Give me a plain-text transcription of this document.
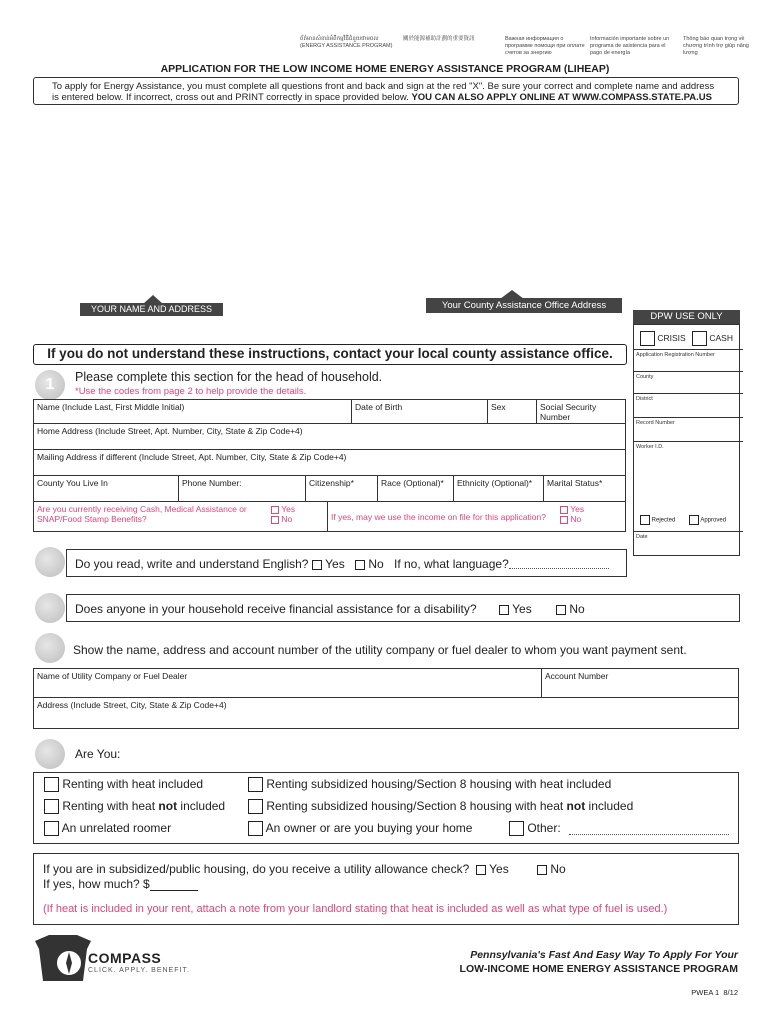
ព័ត៌មានសំខាន់អំពីកម្មវិធីជំនួយថាមពល
(ENERGY ASSISTANCE PROGRAM)
關於能源補助計劃的重要資訊	Важная информация о программе помощи при оплате счетов за энергию
Información importante sobre un programa de asistencia para el pago de energía
Thông báo quan trọng về chương trình trợ giúp năng lượng
APPLICATION FOR THE LOW INCOME HOME ENERGY ASSISTANCE PROGRAM (LIHEAP)
To apply for Energy Assistance, you must complete all questions front and back and sign at the red "X". Be sure your correct and complete name and address is entered below. If incorrect, cross out and PRINT correctly in space provided below. YOU CAN ALSO APPLY ONLINE AT WWW.COMPASS.STATE.PA.US
YOUR NAME AND ADDRESS	Your County Assistance Office Address
DPW USE ONLY
CRISIS	CASH
Application Registration Number
County
District
Record Number
Worker I.D.
Rejected	Approved
Date
If you do not understand these instructions, contact your local county assistance office.
1	Please complete this section for the head of household.
*Use the codes from page 2 to help provide the details.
Name (Include Last, First Middle Initial)	Date of Birth	Sex	Social Security Number
Home Address (Include Street, Apt. Number, City, State & Zip Code+4)
Mailing Address if different (Include Street, Apt. Number, City, State & Zip Code+4)
County You Live In	Phone Number:	Citizenship*	Race (Optional)*	Ethnicity (Optional)*	Marital Status*
Are you currently receiving Cash, Medical Assistance or SNAP/Food Stamp Benefits?
Yes
No	If yes, may we use the income on file for this application?
Yes
No
Do you read, write and understand English?	Yes	No If no, what language?
Does anyone in your household receive financial assistance for a disability?	Yes	No
Show the name, address and account number of the utility company or fuel dealer to whom you want payment sent.
Name of Utility Company or Fuel Dealer	Account Number
Address (Include Street, City, State & Zip Code+4)
Are You:
Renting with heat included
Renting with heat not included
An unrelated roomer
Renting subsidized housing/Section 8 housing with heat included
Renting subsidized housing/Section 8 housing with heat not included
An owner or are you buying your home	Other:
If you are in subsidized/public housing, do you receive a utility allowance check?	Yes	No
If yes, how much? $
(If heat is included in your rent, attach a note from your landlord stating that heat is included as well as what type of fuel is used.)
COMPASS
CLICK. APPLY. BENEFIT.
Pennsylvania's Fast And Easy Way To Apply For Your
LOW-INCOME HOME ENERGY ASSISTANCE PROGRAM
PWEA 1 8/12
